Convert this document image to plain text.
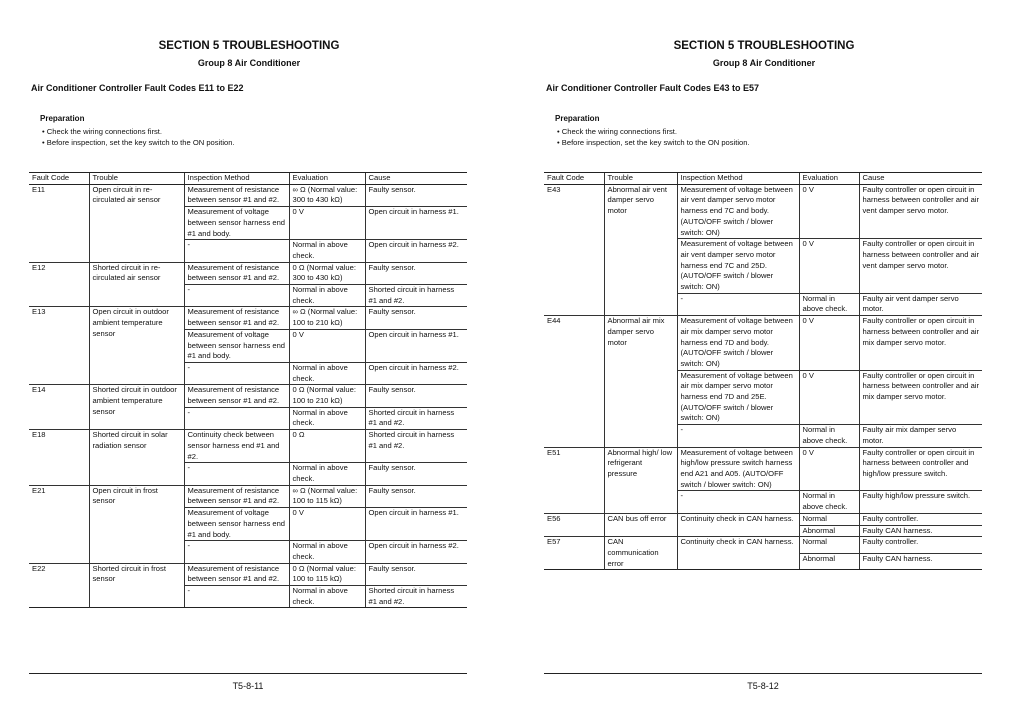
SECTION 5 TROUBLESHOOTING
Group 8 Air Conditioner
Air Conditioner Controller Fault Codes E11 to E22
Preparation
• Check the wiring connections first.
• Before inspection, set the key switch to the ON position.
Fault Code	Trouble	Inspection Method	Evaluation	Cause
E11	Open circuit in re-circulated air sensor	Measurement of resistance between sensor #1 and #2.	∞ Ω (Normal value: 300 to 430 kΩ)	Faulty sensor.
		Measurement of voltage between sensor harness end #1 and body.	0 V	Open circuit in harness #1.
		-	Normal in above check.	Open circuit in harness #2.
E12	Shorted circuit in re-circulated air sensor	Measurement of resistance between sensor #1 and #2.	0 Ω (Normal value: 300 to 430 kΩ)	Faulty sensor.
		-	Normal in above check.	Shorted circuit in harness #1 and #2.
E13	Open circuit in outdoor ambient temperature sensor	Measurement of resistance between sensor #1 and #2.	∞ Ω (Normal value: 100 to 210 kΩ)	Faulty sensor.
		Measurement of voltage between sensor harness end #1 and body.	0 V	Open circuit in harness #1.
		-	Normal in above check.	Open circuit in harness #2.
E14	Shorted circuit in outdoor ambient temperature sensor	Measurement of resistance between sensor #1 and #2.	0 Ω (Normal value: 100 to 210 kΩ)	Faulty sensor.
		-	Normal in above check.	Shorted circuit in harness #1 and #2.
E18	Shorted circuit in solar radiation sensor	Continuity check between sensor harness end #1 and #2.	0 Ω	Shorted circuit in harness #1 and #2.
		-	Normal in above check.	Faulty sensor.
E21	Open circuit in frost sensor	Measurement of resistance between sensor #1 and #2.	∞ Ω (Normal value: 100 to 115 kΩ)	Faulty sensor.
		Measurement of voltage between sensor harness end #1 and body.	0 V	Open circuit in harness #1.
		-	Normal in above check.	Open circuit in harness #2.
E22	Shorted circuit in frost sensor	Measurement of resistance between sensor #1 and #2.	0 Ω (Normal value: 100 to 115 kΩ)	Faulty sensor.
		-	Normal in above check.	Shorted circuit in harness #1 and #2.
T5-8-11
SECTION 5 TROUBLESHOOTING
Group 8 Air Conditioner
Air Conditioner Controller Fault Codes E43 to E57
Preparation
• Check the wiring connections first.
• Before inspection, set the key switch to the ON position.
Fault Code	Trouble	Inspection Method	Evaluation	Cause
E43	Abnormal air vent damper servo motor	Measurement of voltage between air vent damper servo motor harness end 7C and body. (AUTO/OFF switch / blower switch: ON)	0 V	Faulty controller or open circuit in harness between controller and air vent damper servo motor.
		Measurement of voltage between air vent damper servo motor harness end 7C and 25D. (AUTO/OFF switch / blower switch: ON)	0 V	Faulty controller or open circuit in harness between controller and air vent damper servo motor.
		-	Normal in above check.	Faulty air vent damper servo motor.
E44	Abnormal air mix damper servo motor	Measurement of voltage between air mix damper servo motor harness end 7D and body. (AUTO/OFF switch / blower switch: ON)	0 V	Faulty controller or open circuit in harness between controller and air mix damper servo motor.
		Measurement of voltage between air mix damper servo motor harness end 7D and 25E. (AUTO/OFF switch / blower switch: ON)	0 V	Faulty controller or open circuit in harness between controller and air mix damper servo motor.
		-	Normal in above check.	Faulty air mix damper servo motor.
E51	Abnormal high/ low refrigerant pressure	Measurement of voltage between high/low pressure switch harness end A21 and A05. (AUTO/OFF switch / blower switch: ON)	0 V	Faulty controller or open circuit in harness between controller and high/low pressure switch.
		-	Normal in above check.	Faulty high/low pressure switch.
E56	CAN bus off error	Continuity check in CAN harness.	Normal	Faulty controller.
			Abnormal	Faulty CAN harness.
E57	CAN communication error	Continuity check in CAN harness.	Normal	Faulty controller.
			Abnormal	Faulty CAN harness.
T5-8-12
